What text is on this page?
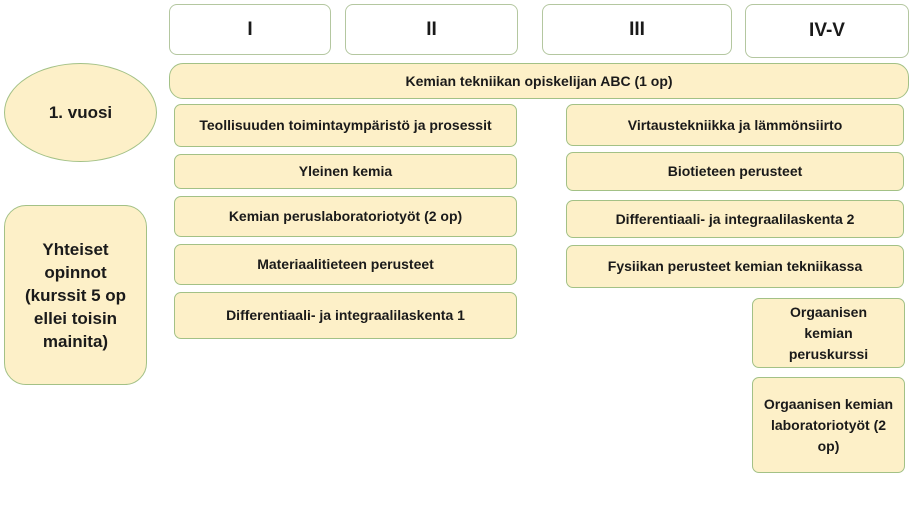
I	II	III	IV-V
1. vuosi
Yhteiset opinnot (kurssit 5 op ellei toisin mainita)
Kemian tekniikan opiskelijan ABC (1 op)
Teollisuuden toimintaympäristö ja prosessit
Yleinen kemia
Kemian peruslaboratoriotyöt (2 op)
Materiaalitieteen perusteet
Differentiaali- ja integraalilaskenta 1
Virtaustekniikka ja lämmönsiirto
Biotieteen perusteet
Differentiaali- ja integraalilaskenta 2
Fysiikan perusteet kemian tekniikassa
Orgaanisen kemian peruskurssi
Orgaanisen kemian laboratoriotyöt (2 op)
